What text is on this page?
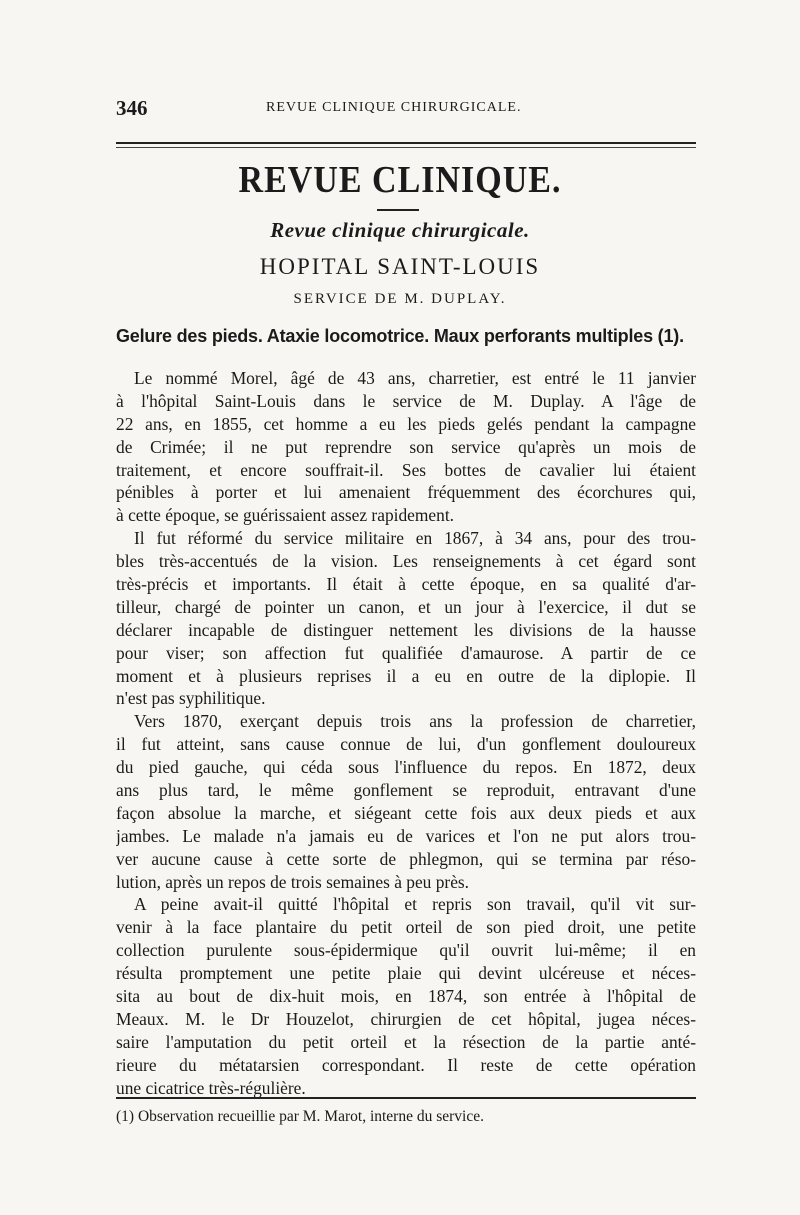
346	REVUE CLINIQUE CHIRURGICALE.
REVUE CLINIQUE.
Revue clinique chirurgicale.
HOPITAL SAINT-LOUIS
SERVICE DE M. DUPLAY.
Gelure des pieds. Ataxie locomotrice. Maux perforants multiples (1).
Le nommé Morel, âgé de 43 ans, charretier, est entré le 11 janvier
à l'hôpital Saint-Louis dans le service de M. Duplay. A l'âge de
22 ans, en 1855, cet homme a eu les pieds gelés pendant la campagne
de Crimée; il ne put reprendre son service qu'après un mois de
traitement, et encore souffrait-il. Ses bottes de cavalier lui étaient
pénibles à porter et lui amenaient fréquemment des écorchures qui,
à cette époque, se guérissaient assez rapidement.
Il fut réformé du service militaire en 1867, à 34 ans, pour des trou-
bles très-accentués de la vision. Les renseignements à cet égard sont
très-précis et importants. Il était à cette époque, en sa qualité d'ar-
tilleur, chargé de pointer un canon, et un jour à l'exercice, il dut se
déclarer incapable de distinguer nettement les divisions de la hausse
pour viser; son affection fut qualifiée d'amaurose. A partir de ce
moment et à plusieurs reprises il a eu en outre de la diplopie. Il
n'est pas syphilitique.
Vers 1870, exerçant depuis trois ans la profession de charretier,
il fut atteint, sans cause connue de lui, d'un gonflement douloureux
du pied gauche, qui céda sous l'influence du repos. En 1872, deux
ans plus tard, le même gonflement se reproduit, entravant d'une
façon absolue la marche, et siégeant cette fois aux deux pieds et aux
jambes. Le malade n'a jamais eu de varices et l'on ne put alors trou-
ver aucune cause à cette sorte de phlegmon, qui se termina par réso-
lution, après un repos de trois semaines à peu près.
A peine avait-il quitté l'hôpital et repris son travail, qu'il vit sur-
venir à la face plantaire du petit orteil de son pied droit, une petite
collection purulente sous-épidermique qu'il ouvrit lui-même; il en
résulta promptement une petite plaie qui devint ulcéreuse et néces-
sita au bout de dix-huit mois, en 1874, son entrée à l'hôpital de
Meaux. M. le Dr Houzelot, chirurgien de cet hôpital, jugea néces-
saire l'amputation du petit orteil et la résection de la partie anté-
rieure du métatarsien correspondant. Il reste de cette opération
une cicatrice très-régulière.
(1) Observation recueillie par M. Marot, interne du service.
